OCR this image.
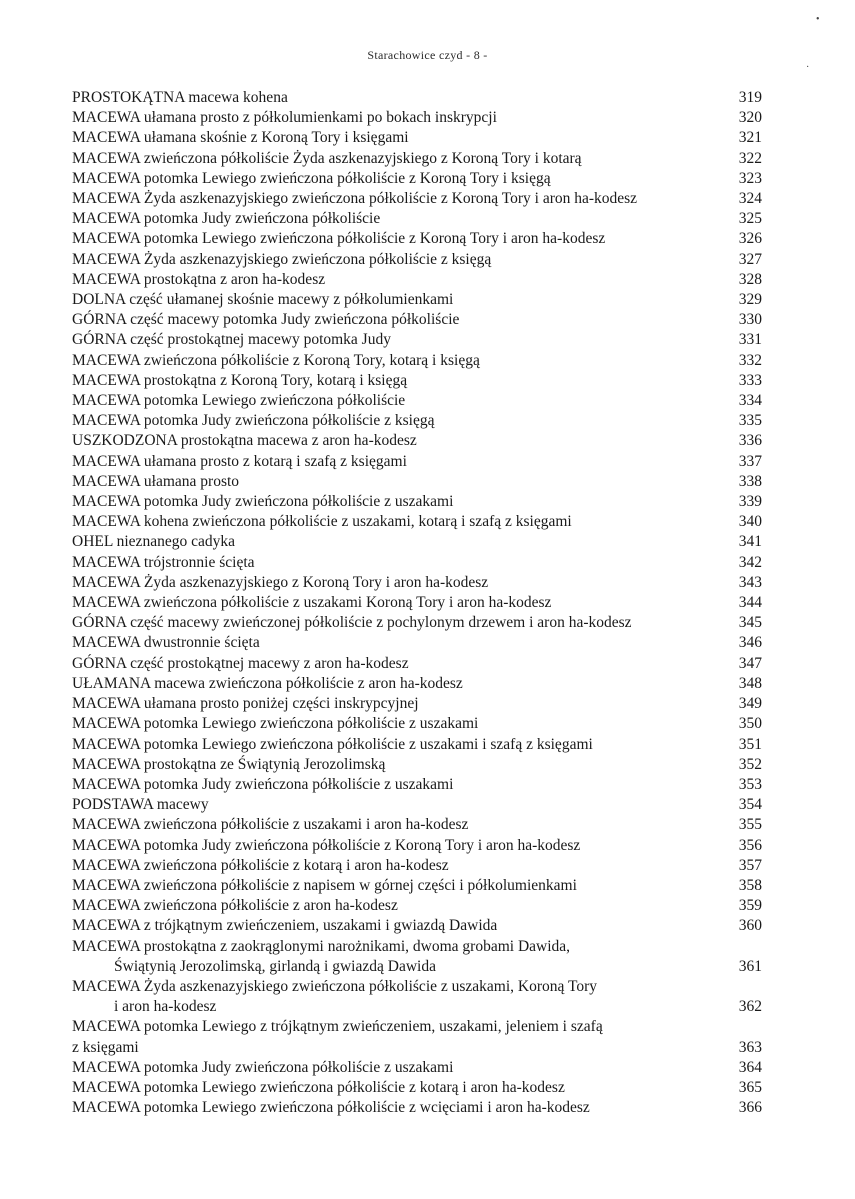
•
·
Starachowice czyd - 8 -
PROSTOKĄTNA macewa kohena	319
MACEWA ułamana prosto z półkolumienkami po bokach inskrypcji	320
MACEWA ułamana skośnie z Koroną Tory i księgami	321
MACEWA zwieńczona półkoliście Żyda aszkenazyjskiego z Koroną Tory i kotarą	322
MACEWA potomka Lewiego zwieńczona półkoliście z Koroną Tory i księgą	323
MACEWA Żyda aszkenazyjskiego zwieńczona półkoliście z Koroną Tory i aron ha-kodesz	324
MACEWA potomka Judy zwieńczona półkoliście	325
MACEWA potomka Lewiego zwieńczona półkoliście z Koroną Tory i aron ha-kodesz	326
MACEWA Żyda aszkenazyjskiego zwieńczona półkoliście z księgą	327
MACEWA prostokątna z aron ha-kodesz	328
DOLNA część ułamanej skośnie macewy z półkolumienkami	329
GÓRNA część macewy potomka Judy zwieńczona półkoliście	330
GÓRNA część prostokątnej macewy potomka Judy	331
MACEWA zwieńczona półkoliście z Koroną Tory, kotarą i księgą	332
MACEWA prostokątna z Koroną Tory, kotarą i księgą	333
MACEWA potomka Lewiego zwieńczona półkoliście	334
MACEWA potomka Judy zwieńczona półkoliście z księgą	335
USZKODZONA prostokątna macewa z aron ha-kodesz	336
MACEWA ułamana prosto z kotarą i szafą z księgami	337
MACEWA ułamana prosto	338
MACEWA potomka Judy zwieńczona półkoliście z uszakami	339
MACEWA kohena zwieńczona półkoliście z uszakami, kotarą i szafą z księgami	340
OHEL nieznanego cadyka	341
MACEWA trójstronnie ścięta	342
MACEWA Żyda aszkenazyjskiego z Koroną Tory i aron ha-kodesz	343
MACEWA zwieńczona półkoliście z uszakami Koroną Tory i aron ha-kodesz	344
GÓRNA część macewy zwieńczonej półkoliście z pochylonym drzewem i aron ha-kodesz	345
MACEWA dwustronnie ścięta	346
GÓRNA część prostokątnej macewy z aron ha-kodesz	347
UŁAMANA macewa zwieńczona półkoliście z aron ha-kodesz	348
MACEWA ułamana prosto poniżej części inskrypcyjnej	349
MACEWA potomka Lewiego zwieńczona półkoliście z uszakami	350
MACEWA potomka Lewiego zwieńczona półkoliście z uszakami i szafą z księgami	351
MACEWA prostokątna ze Świątynią Jerozolimską	352
MACEWA potomka Judy zwieńczona półkoliście z uszakami	353
PODSTAWA macewy	354
MACEWA zwieńczona półkoliście z uszakami i aron ha-kodesz	355
MACEWA potomka Judy zwieńczona półkoliście z Koroną Tory i aron ha-kodesz	356
MACEWA zwieńczona półkoliście z kotarą i aron ha-kodesz	357
MACEWA zwieńczona półkoliście z napisem w górnej części i półkolumienkami	358
MACEWA zwieńczona półkoliście z aron ha-kodesz	359
MACEWA z trójkątnym zwieńczeniem, uszakami i gwiazdą Dawida	360
MACEWA prostokątna z zaokrąglonymi narożnikami, dwoma grobami Dawida,
Świątynią Jerozolimską, girlandą i gwiazdą Dawida	361
MACEWA Żyda aszkenazyjskiego zwieńczona półkoliście z uszakami, Koroną Tory
i aron ha-kodesz	362
MACEWA potomka Lewiego z trójkątnym zwieńczeniem, uszakami, jeleniem i szafą
z księgami	363
MACEWA potomka Judy zwieńczona półkoliście z uszakami	364
MACEWA potomka Lewiego zwieńczona półkoliście z kotarą i aron ha-kodesz	365
MACEWA potomka Lewiego zwieńczona półkoliście z wcięciami i aron ha-kodesz	366
